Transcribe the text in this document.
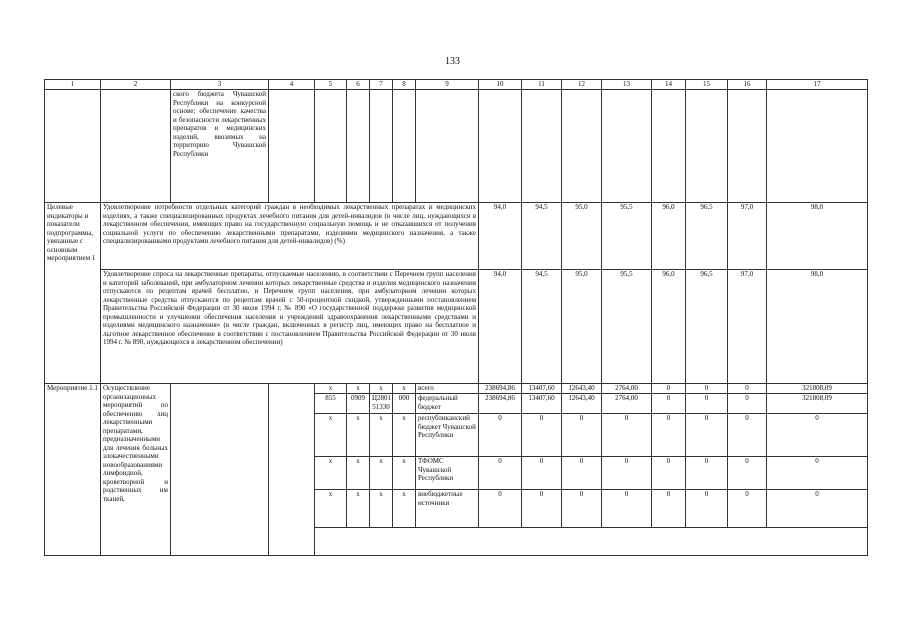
133
1	2	3	4	5	6	7	8	9	10	11	12	13	14	15	16	17
		ского бюджета Чувашской Республики на конкурсной основе; обеспечение качества и безопасности лекарственных препаратов и медицинских изделий, ввозимых на территорию Чувашской Республики														
Целевые индикаторы и показатели подпрограммы, увязанные с основным мероприятием 1	Удовлетворение потребности отдельных категорий граждан в необходимых лекарственных препаратах и медицинских изделиях, а также специализированных продуктах лечебного питания для детей-инвалидов (в числе лиц, нуждающихся в лекарственном обеспечении, имеющих право на государственную социальную помощь и не отказавшихся от получения социальной услуги по обеспечению лекарственными препаратами, изделиями медицинского назначения, а также специализированными продуктами лечебного питания для детей-инвалидов) (%)								94,0	94,5	95,0	95,5	96,0	96,5	97,0	98,0
	Удовлетворение спроса на лекарственные препараты, отпускаемые населению, в соответствии с Перечнем групп населения и категорий заболеваний, при амбулаторном лечении которых лекарственные средства и изделия медицинского назначения отпускаются по рецептам врачей бесплатно, и Перечнем групп населения, при амбулаторном лечении которых лекарственные средства отпускаются по рецептам врачей с 50-процентной скидкой, утвержденными постановлением Правительства Российской Федерации от 30 июля 1994 г. № 890 «О государственной поддержке развития медицинской промышленности и улучшении обеспечения населения и учреждений здравоохранения лекарственными средствами и изделиями медицинского назначения» (в числе граждан, включенных в регистр лиц, имеющих право на бесплатное и льготное лекарственное обеспечение в соответствии с постановлением Правительства Российской Федерации от 30 июля 1994 г. № 890, нуждающихся в лекарственном обеспечении)								94,0	94,5	95,0	95,5	96,0	96,5	97,0	98,0
Мероприятие 1.1	Осуществление организационных мероприятий по обеспечению лиц лекарственными препаратами, предназначенными для лечения больных злокачественными новообразованиями лимфоидной, кроветворной и родственных им тканей,			x	x	x	x	всего	238694,86	13407,60	12643,40	2764,00	0	0	0	321808,09
				855	0909	Ц2801 51330	000	федеральный бюджет	238694,86	13407,60	12643,40	2764,00	0	0	0	321808,09
				x	x	x	x	республиканский бюджет Чувашской Республики	0	0	0	0	0	0	0	0
				x	x	x	x	ТФОМС Чувашской Республики	0	0	0	0	0	0	0	0
				x	x	x	x	внебюджетные источники	0	0	0	0	0	0	0	0
